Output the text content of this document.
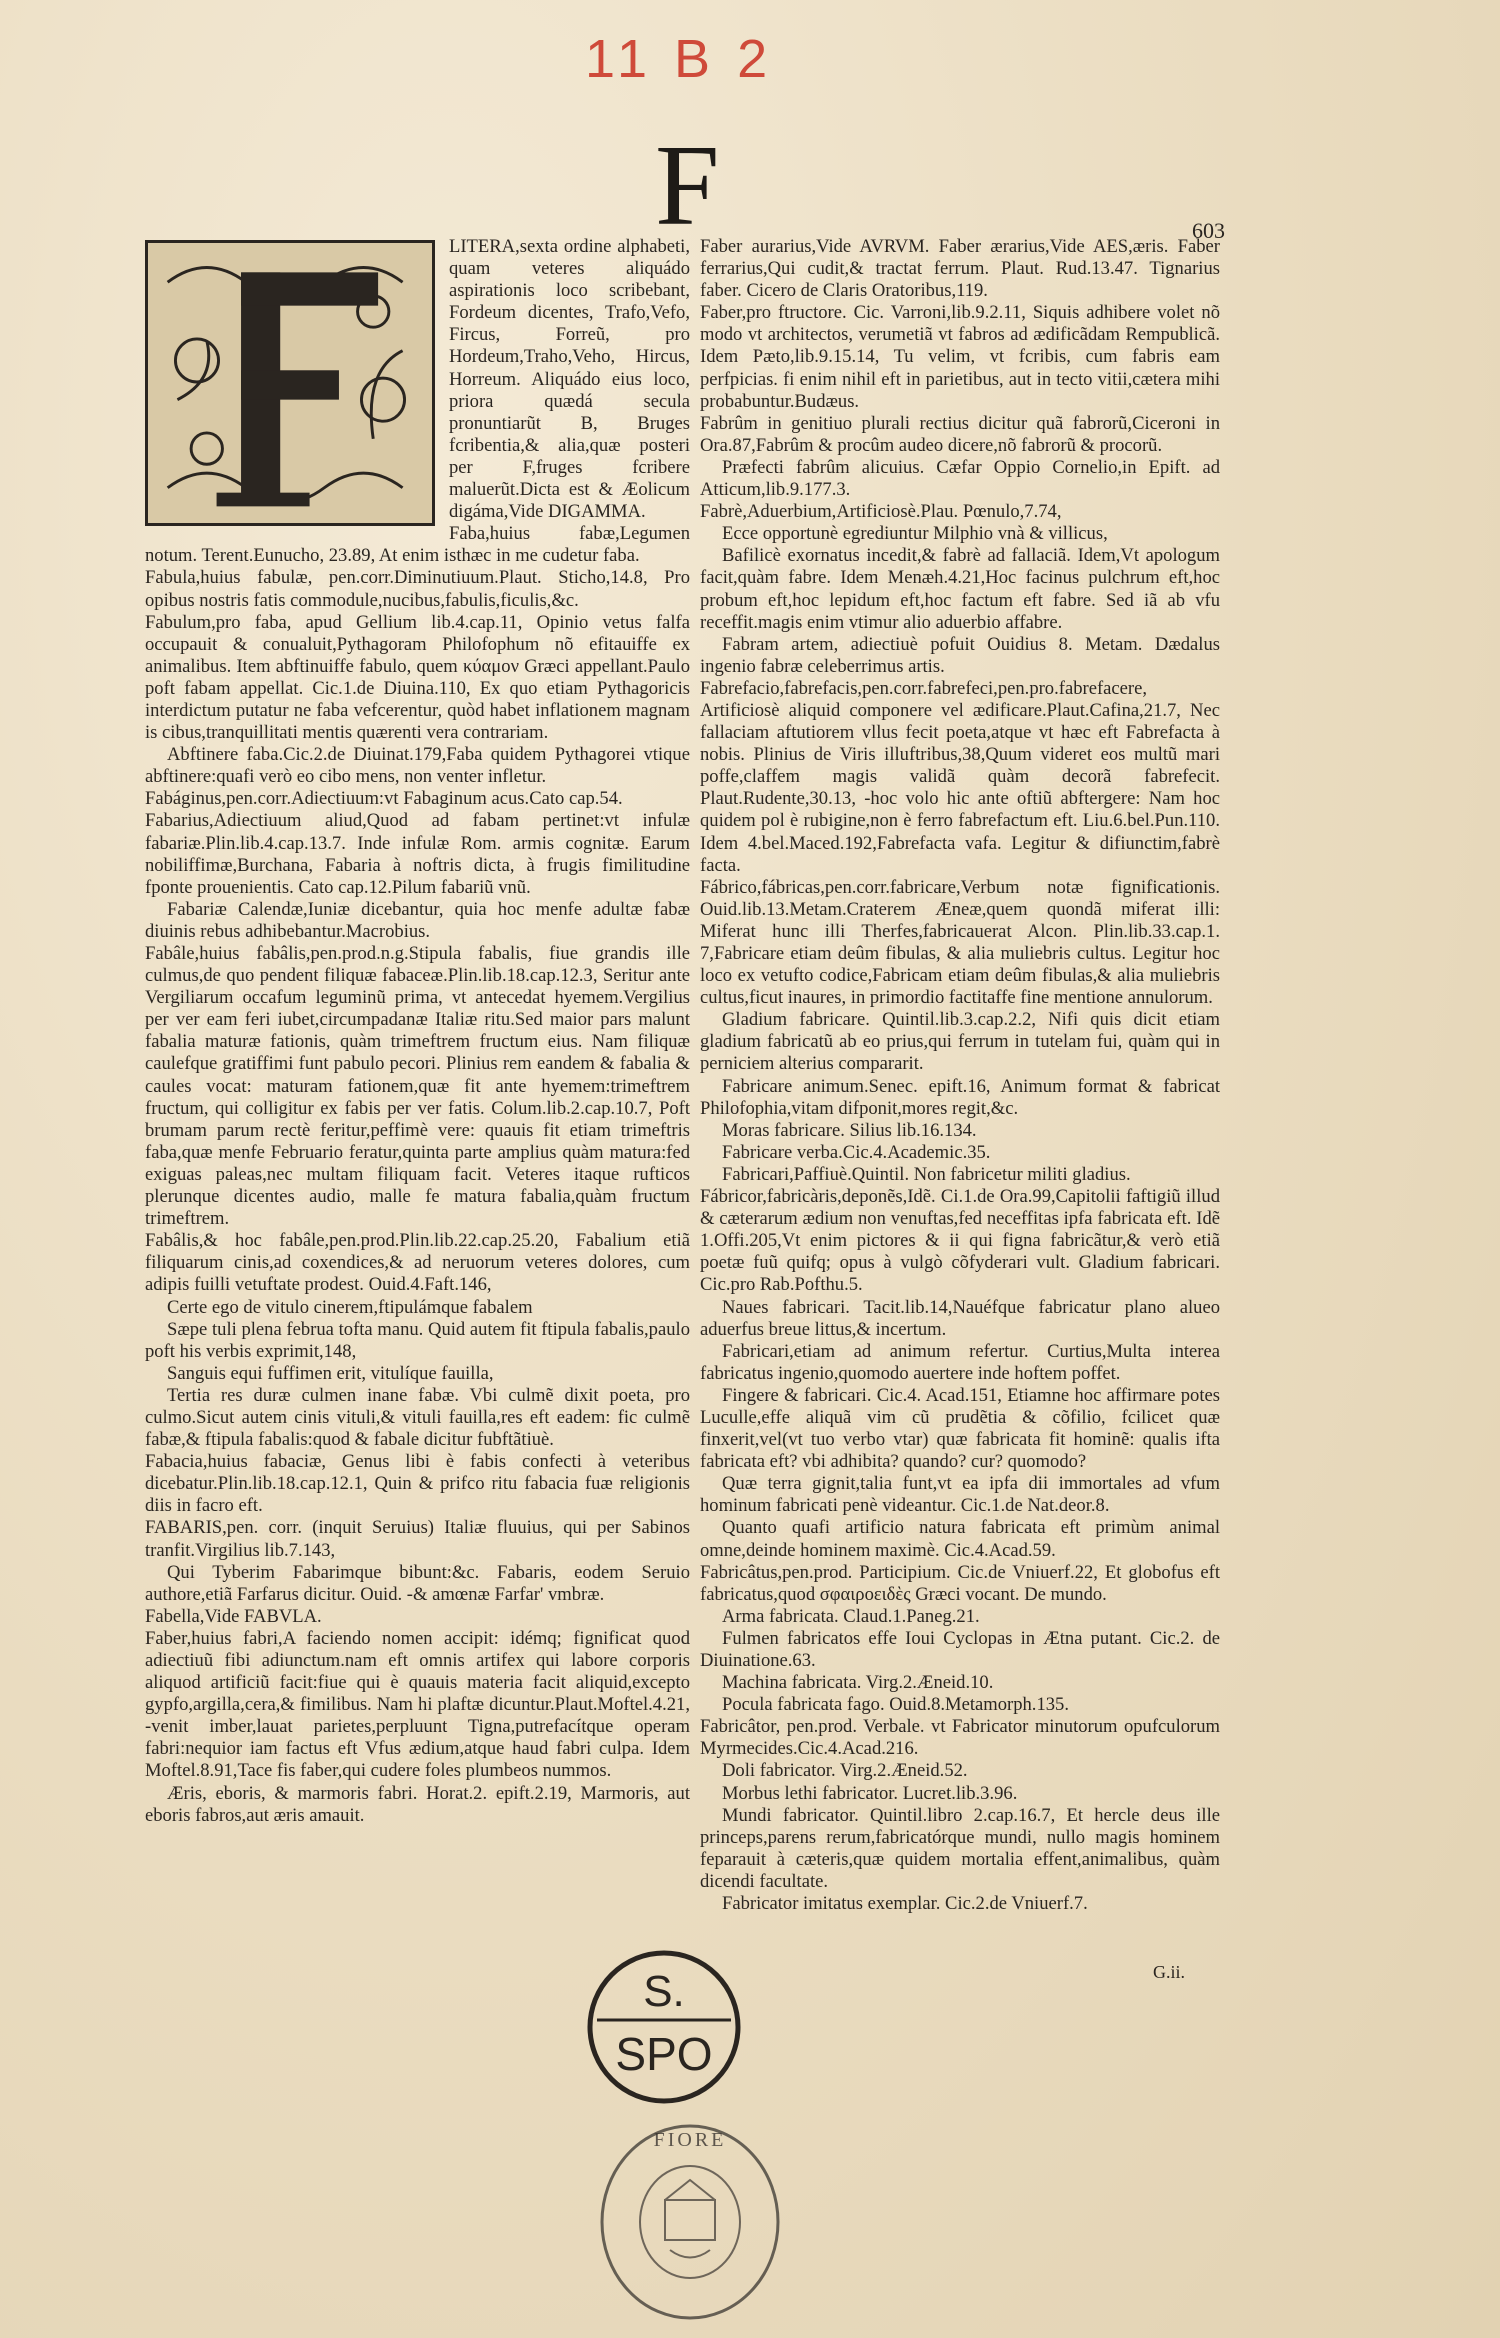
11 B 2
F	603

LITERA,sexta ordine alphabeti, quam veteres aliquádo aspirationis loco scribebant, Fordeum dicentes, Trafo,Vefo, Fircus, Forreũ, pro Hordeum,Traho,Veho, Hircus, Horreum. Aliquádo eius loco, priora quædá secula pronuntiarũt B, Bruges fcribentia,& alia,quæ posteri per F,fruges fcribere maluerũt.Dicta est & Æolicum digáma,Vide DIGAMMA.

Faba,huius fabæ,Legumen notum. Terent.Eunucho, 23.89, At enim isthæc in me cudetur faba.

Fabula,huius fabulæ, pen.corr.Diminutiuum.Plaut. Sticho,14.8, Pro opibus nostris fatis commodule,nucibus,fabulis,ficulis,&c.

Fabulum,pro faba, apud Gellium lib.4.cap.11, Opinio vetus falfa occupauit & conualuit,Pythagoram Philofophum nõ efitauiffe ex animalibus. Item abftinuiffe fabulo, quem κύαμον Græci appellant.Paulo poft fabam appellat. Cic.1.de Diuina.110, Ex quo etiam Pythagoricis interdictum putatur ne faba vefcerentur, quòd habet inflationem magnam is cibus,tranquillitati mentis quærenti vera contrariam.

Abftinere faba.Cic.2.de Diuinat.179,Faba quidem Pythagorei vtique abftinere:quafi verò eo cibo mens, non venter infletur.

Fabáginus,pen.corr.Adiectiuum:vt Fabaginum acus.Cato cap.54.

Fabarius,Adiectiuum aliud,Quod ad fabam pertinet:vt infulæ fabariæ.Plin.lib.4.cap.13.7. Inde infulæ Rom. armis cognitæ. Earum nobiliffimæ,Burchana, Fabaria à noftris dicta, à frugis fimilitudine fponte prouenientis. Cato cap.12.Pilum fabariũ vnũ.

Fabariæ Calendæ,Iuniæ dicebantur, quia hoc menfe adultæ fabæ diuinis rebus adhibebantur.Macrobius.

Fabâle,huius fabâlis,pen.prod.n.g.Stipula fabalis, fiue grandis ille culmus,de quo pendent filiquæ fabaceæ.Plin.lib.18.cap.12.3, Seritur ante Vergiliarum occafum leguminũ prima, vt antecedat hyemem.Vergilius per ver eam feri iubet,circumpadanæ Italiæ ritu.Sed maior pars malunt fabalia maturæ fationis, quàm trimeftrem fructum eius. Nam filiquæ caulefque gratiffimi funt pabulo pecori. Plinius rem eandem & fabalia & caules vocat: maturam fationem,quæ fit ante hyemem:trimeftrem fructum, qui colligitur ex fabis per ver fatis. Colum.lib.2.cap.10.7, Poft brumam parum rectè feritur,peffimè vere: quauis fit etiam trimeftris faba,quæ menfe Februario feratur,quinta parte amplius quàm matura:fed exiguas paleas,nec multam filiquam facit. Veteres itaque rufticos plerunque dicentes audio, malle fe matura fabalia,quàm fructum trimeftrem.

Fabâlis,& hoc fabâle,pen.prod.Plin.lib.22.cap.25.20, Fabalium etiã filiquarum cinis,ad coxendices,& ad neruorum veteres dolores, cum adipis fuilli vetuftate prodest. Ouid.4.Faft.146,

Certe ego de vitulo cinerem,ftipulámque fabalem

Sæpe tuli plena februa tofta manu. Quid autem fit ftipula fabalis,paulo poft his verbis exprimit,148,

Sanguis equi fuffimen erit, vitulíque fauilla,

Tertia res duræ culmen inane fabæ. Vbi culmẽ dixit poeta, pro culmo.Sicut autem cinis vituli,& vituli fauilla,res eft eadem: fic culmẽ fabæ,& ftipula fabalis:quod & fabale dicitur fubftãtiuè.

Fabacia,huius fabaciæ, Genus libi è fabis confecti à veteribus dicebatur.Plin.lib.18.cap.12.1, Quin & prifco ritu fabacia fuæ religionis diis in facro eft.

FABARIS,pen. corr. (inquit Seruius) Italiæ fluuius, qui per Sabinos tranfit.Virgilius lib.7.143,

Qui Tyberim Fabarimque bibunt:&c. Fabaris, eodem Seruio authore,etiã Farfarus dicitur. Ouid. -& amœnæ Farfar' vmbræ.

Fabella,Vide FABVLA.

Faber,huius fabri,A faciendo nomen accipit: idémq; fignificat quod adiectiuũ fibi adiunctum.nam eft omnis artifex qui labore corporis aliquod artificiũ facit:fiue qui è quauis materia facit aliquid,excepto gypfo,argilla,cera,& fimilibus. Nam hi plaftæ dicuntur.Plaut.Moftel.4.21, -venit imber,lauat parietes,perpluunt Tigna,putrefacítque operam fabri:nequior iam factus eft Vfus ædium,atque haud fabri culpa. Idem Moftel.8.91,Tace fis faber,qui cudere foles plumbeos nummos.

Æris, eboris, & marmoris fabri. Horat.2. epift.2.19, Marmoris, aut eboris fabros,aut æris amauit.

Faber aurarius,Vide AVRVM. Faber ærarius,Vide AES,æris. Faber ferrarius,Qui cudit,& tractat ferrum. Plaut. Rud.13.47. Tignarius faber. Cicero de Claris Oratoribus,119.

Faber,pro ftructore. Cic. Varroni,lib.9.2.11, Siquis adhibere volet nõ modo vt architectos, verumetiã vt fabros ad ædificãdam Rempublicã. Idem Pæto,lib.9.15.14, Tu velim, vt fcribis, cum fabris eam perfpicias. fi enim nihil eft in parietibus, aut in tecto vitii,cætera mihi probabuntur.Budæus.

Fabrûm in genitiuo plurali rectius dicitur quã fabrorũ,Ciceroni in Ora.87,Fabrûm & procûm audeo dicere,nõ fabrorũ & procorũ.

Præfecti fabrûm alicuius. Cæfar Oppio Cornelio,in Epift. ad Atticum,lib.9.177.3.

Fabrè,Aduerbium,Artificiosè.Plau. Pœnulo,7.74,

Ecce opportunè egrediuntur Milphio vnà & villicus,

Bafilicè exornatus incedit,& fabrè ad fallaciã. Idem,Vt apologum facit,quàm fabre. Idem Menæh.4.21,Hoc facinus pulchrum eft,hoc probum eft,hoc lepidum eft,hoc factum eft fabre. Sed iã ab vfu receffit.magis enim vtimur alio aduerbio affabre.

Fabram artem, adiectiuè pofuit Ouidius 8. Metam. Dædalus ingenio fabræ celeberrimus artis.

Fabrefacio,fabrefacis,pen.corr.fabrefeci,pen.pro.fabrefacere, Artificiosè aliquid componere vel ædificare.Plaut.Cafina,21.7, Nec fallaciam aftutiorem vllus fecit poeta,atque vt hæc eft Fabrefacta à nobis. Plinius de Viris illuftribus,38,Quum videret eos multũ mari poffe,claffem magis validã quàm decorã fabrefecit. Plaut.Rudente,30.13, -hoc volo hic ante oftiũ abftergere: Nam hoc quidem pol è rubigine,non è ferro fabrefactum eft. Liu.6.bel.Pun.110. Idem 4.bel.Maced.192,Fabrefacta vafa. Legitur & difiunctim,fabrè facta.

Fábrico,fábricas,pen.corr.fabricare,Verbum notæ fignificationis. Ouid.lib.13.Metam.Craterem Æneæ,quem quondã miferat illi: Miferat hunc illi Therfes,fabricauerat Alcon. Plin.lib.33.cap.1. 7,Fabricare etiam deûm fibulas, & alia muliebris cultus. Legitur hoc loco ex vetufto codice,Fabricam etiam deûm fibulas,& alia muliebris cultus,ficut inaures, in primordio factitaffe fine mentione annulorum.

Gladium fabricare. Quintil.lib.3.cap.2.2, Nifi quis dicit etiam gladium fabricatũ ab eo prius,qui ferrum in tutelam fui, quàm qui in perniciem alterius compararit.

Fabricare animum.Senec. epift.16, Animum format & fabricat Philofophia,vitam difponit,mores regit,&c.

Moras fabricare. Silius lib.16.134.

Fabricare verba.Cic.4.Academic.35.

Fabricari,Paffiuè.Quintil. Non fabricetur militi gladius.

Fábricor,fabricàris,deponẽs,Idẽ. Ci.1.de Ora.99,Capitolii faftigiũ illud & cæterarum ædium non venuftas,fed neceffitas ipfa fabricata eft. Idẽ 1.Offi.205,Vt enim pictores & ii qui figna fabricãtur,& verò etiã poetæ fuũ quifq; opus à vulgò cõfyderari vult. Gladium fabricari. Cic.pro Rab.Pofthu.5.

Naues fabricari. Tacit.lib.14,Nauéfque fabricatur plano alueo aduerfus breue littus,& incertum.

Fabricari,etiam ad animum refertur. Curtius,Multa interea fabricatus ingenio,quomodo auertere inde hoftem poffet.

Fingere & fabricari. Cic.4. Acad.151, Etiamne hoc affirmare potes Luculle,effe aliquã vim cũ prudẽtia & cõfilio, fcilicet quæ finxerit,vel(vt tuo verbo vtar) quæ fabricata fit hominẽ: qualis ifta fabricata eft? vbi adhibita? quando? cur? quomodo?

Quæ terra gignit,talia funt,vt ea ipfa dii immortales ad vfum hominum fabricati penè videantur. Cic.1.de Nat.deor.8.

Quanto quafi artificio natura fabricata eft primùm animal omne,deinde hominem maximè. Cic.4.Acad.59.

Fabricâtus,pen.prod. Participium. Cic.de Vniuerf.22, Et globofus eft fabricatus,quod σφαιροειδὲς Græci vocant. De mundo.

Arma fabricata. Claud.1.Paneg.21.

Fulmen fabricatos effe Ioui Cyclopas in Ætna putant. Cic.2. de Diuinatione.63.

Machina fabricata. Virg.2.Æneid.10.

Pocula fabricata fago. Ouid.8.Metamorph.135.

Fabricâtor, pen.prod. Verbale. vt Fabricator minutorum opufculorum Myrmecides.Cic.4.Acad.216.

Doli fabricator. Virg.2.Æneid.52.

Morbus lethi fabricator. Lucret.lib.3.96.

Mundi fabricator. Quintil.libro 2.cap.16.7, Et hercle deus ille princeps,parens rerum,fabricatórque mundi, nullo magis hominem feparauit à cæteris,quæ quidem mortalia effent,animalibus, quàm dicendi facultate.

Fabricator imitatus exemplar. Cic.2.de Vniuerf.7.

G.ii.
S.
SPO
FIORE
